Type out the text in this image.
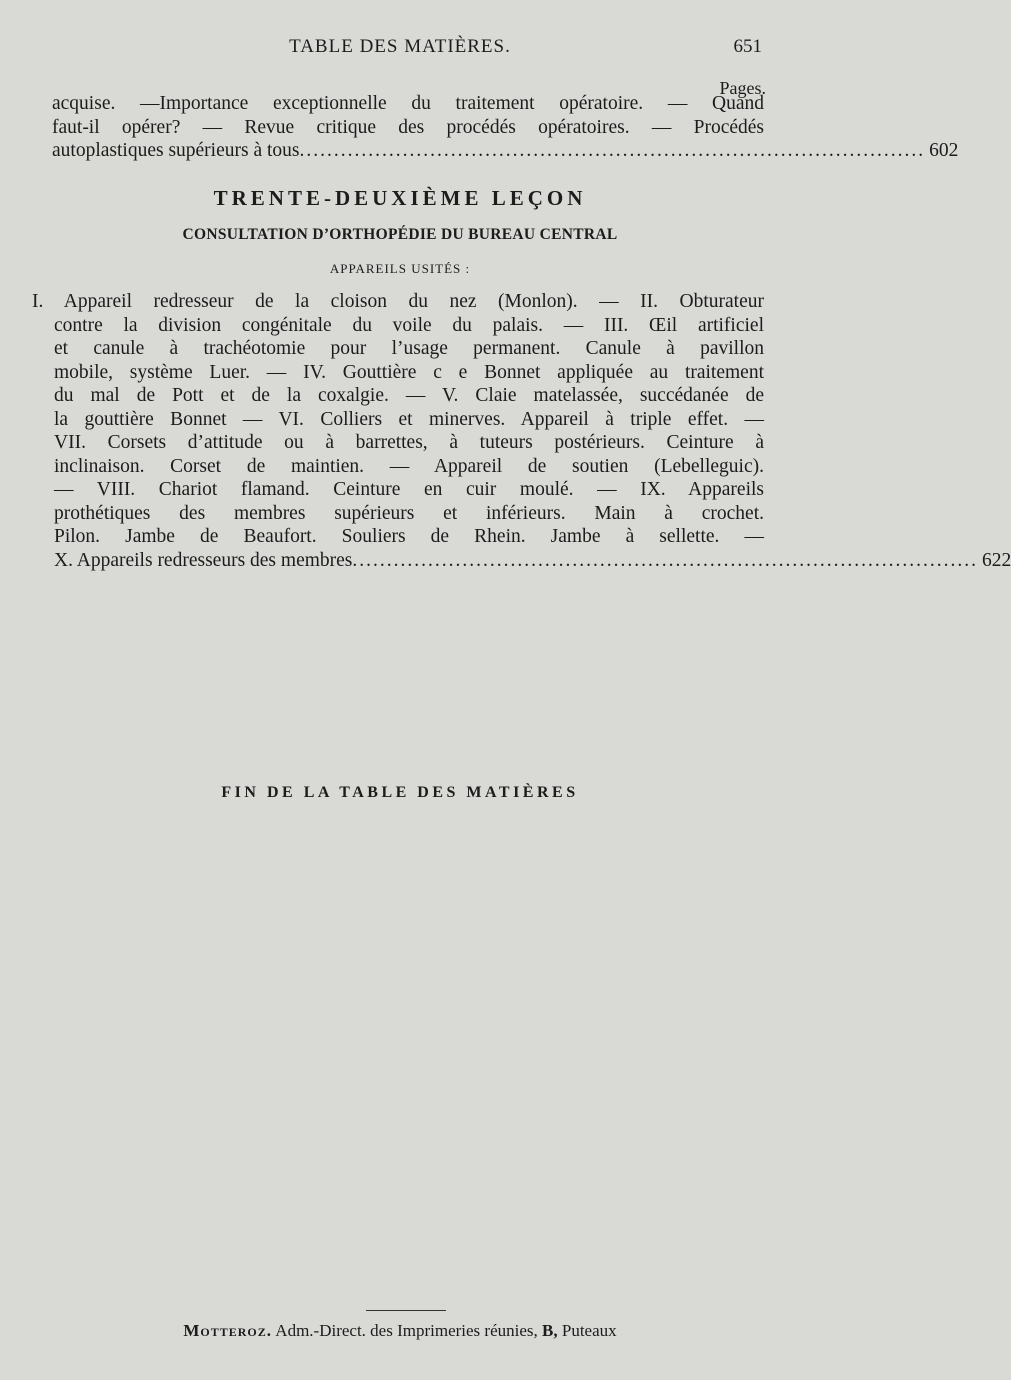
TABLE DES MATIÈRES.	651
Pages.
acquise. —Importance exceptionnelle du traitement opératoire. — Quand
faut-il opérer? — Revue critique des procédés opératoires. — Procédés
autoplastiques supérieurs à tous ........................................................................................... 602
TRENTE-DEUXIÈME LEÇON
CONSULTATION D’ORTHOPÉDIE DU BUREAU CENTRAL
APPAREILS USITÉS :
I. Appareil redresseur de la cloison du nez (Monlon). — II. Obturateur
contre la division congénitale du voile du palais. — III. Œil artificiel
et canule à trachéotomie pour l’usage permanent. Canule à pavillon
mobile, système Luer. — IV. Gouttière c e Bonnet appliquée au traitement
du mal de Pott et de la coxalgie. — V. Claie matelassée, succédanée de
la gouttière Bonnet — VI. Colliers et minerves. Appareil à triple effet. —
VII. Corsets d’attitude ou à barrettes, à tuteurs postérieurs. Ceinture à
inclinaison. Corset de maintien. — Appareil de soutien (Lebelleguic).
— VIII. Chariot flamand. Ceinture en cuir moulé. — IX. Appareils
prothétiques des membres supérieurs et inférieurs. Main à crochet.
Pilon. Jambe de Beaufort. Souliers de Rhein. Jambe à sellette. —
X. Appareils redresseurs des membres ........................................................................................... 622
FIN DE LA TABLE DES MATIÈRES
Motteroz. Adm.-Direct. des Imprimeries réunies, B, Puteaux
